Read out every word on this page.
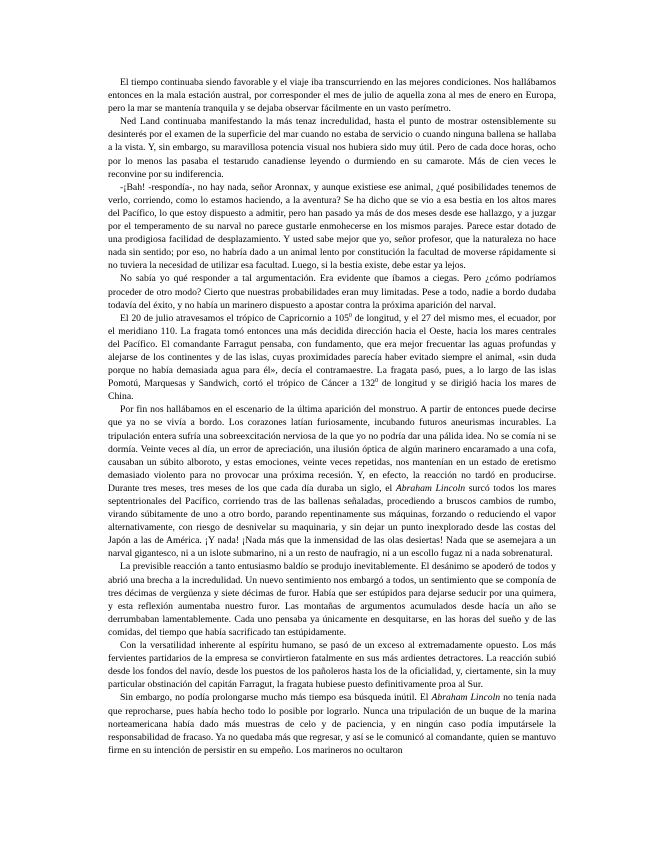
El tiempo continuaba siendo favorable y el viaje iba transcurriendo en las mejores condiciones. Nos hallábamos entonces en la mala estación austral, por corresponder el mes de julio de aquella zona al mes de enero en Europa, pero la mar se mantenía tranquila y se dejaba observar fácilmente en un vasto perímetro.

Ned Land continuaba manifestando la más tenaz incredulidad, hasta el punto de mostrar ostensiblemente su desinterés por el examen de la superficie del mar cuando no estaba de servicio o cuando ninguna ballena se hallaba a la vista. Y, sin embargo, su maravillosa potencia visual nos hubiera sido muy útil. Pero de cada doce horas, ocho por lo menos las pasaba el testarudo canadiense leyendo o durmiendo en su camarote. Más de cien veces le reconvine por su indiferencia.

-¡Bah! -respondía-, no hay nada, señor Aronnax, y aunque existiese ese animal, ¿qué posibilidades tenemos de verlo, corriendo, como lo estamos haciendo, a la aventura? Se ha dicho que se vio a esa bestia en los altos mares del Pacífico, lo que estoy dispuesto a admitir, pero han pasado ya más de dos meses desde ese hallazgo, y a juzgar por el temperamento de su narval no parece gustarle enmohecerse en los mismos parajes. Parece estar dotado de una prodigiosa facilidad de desplazamiento. Y usted sabe mejor que yo, señor profesor, que la naturaleza no hace nada sin sentido; por eso, no habría dado a un animal lento por constitución la facultad de moverse rápidamente si no tuviera la necesidad de utilizar esa facultad. Luego, si la bestia existe, debe estar ya lejos.

No sabía yo qué responder a tal argumentación. Era evidente que íbamos a ciegas. Pero ¿cómo podríamos proceder de otro modo? Cierto que nuestras probabilidades eran muy limitadas. Pese a todo, nadie a bordo dudaba todavía del éxito, y no había un marinero dispuesto a apostar contra la próxima aparición del narval.

El 20 de julio atravesamos el trópico de Capricornio a $105^0$ de longitud, y el 27 del mismo mes, el ecuador, por el meridiano 110. La fragata tomó entonces una más decidida dirección hacia el Oeste, hacia los mares centrales del Pacífico. El comandante Farragut pensaba, con fundamento, que era mejor frecuentar las aguas profundas y alejarse de los continentes y de las islas, cuyas proximidades parecía haber evitado siempre el animal, «sin duda porque no había demasiada agua para él», decía el contramaestre. La fragata pasó, pues, a lo largo de las islas Pomotú, Marquesas y Sandwich, cortó el trópico de Cáncer a $132^0$ de longitud y se dirigió hacia los mares de China.

Por fin nos hallábamos en el escenario de la última aparición del monstruo. A partir de entonces puede decirse que ya no se vivía a bordo. Los corazones latían furiosamente, incubando futuros aneurismas incurables. La tripulación entera sufría una sobreexcitación nerviosa de la que yo no podría dar una pálida idea. No se comía ni se dormía. Veinte veces al día, un error de apreciación, una ilusión óptica de algún marinero encaramado a una cofa, causaban un súbito alboroto, y estas emociones, veinte veces repetidas, nos mantenían en un estado de eretismo demasiado violento para no provocar una próxima recesión. Y, en efecto, la reacción no tardó en producirse. Durante tres meses, tres meses de los que cada día duraba un siglo, el Abraham Lincoln surcó todos los mares septentrionales del Pacífico, corriendo tras de las ballenas señaladas, procediendo a bruscos cambios de rumbo, virando súbitamente de uno a otro bordo, parando repentinamente sus máquinas, forzando o reduciendo el vapor alternativamente, con riesgo de desnivelar su maquinaria, y sin dejar un punto inexplorado desde las costas del Japón a las de América. ¡Y nada! ¡Nada más que la inmensidad de las olas desiertas! Nada que se asemejara a un narval gigantesco, ni a un islote submarino, ni a un resto de naufragio, ni a un escollo fugaz ni a nada sobrenatural.

La previsible reacción a tanto entusiasmo baldío se produjo inevitablemente. El desánimo se apoderó de todos y abrió una brecha a la incredulidad. Un nuevo sentimiento nos embargó a todos, un sentimiento que se componía de tres décimas de vergüenza y siete décimas de furor. Había que ser estúpidos para dejarse seducir por una quimera, y esta reflexión aumentaba nuestro furor. Las montañas de argumentos acumulados desde hacía un año se derrumbaban lamentablemente. Cada uno pensaba ya únicamente en desquitarse, en las horas del sueño y de las comidas, del tiempo que había sacrificado tan estúpidamente.

Con la versatilidad inherente al espíritu humano, se pasó de un exceso al extremadamente opuesto. Los más fervientes partidarios de la empresa se convirtieron fatalmente en sus más ardientes detractores. La reacción subió desde los fondos del navío, desde los puestos de los pañoleros hasta los de la oficialidad, y, ciertamente, sin la muy particular obstinación del capitán Farragut, la fragata hubiese puesto definitivamente proa al Sur.

Sin embargo, no podía prolongarse mucho más tiempo esa búsqueda inútil. El Abraham Lincoln no tenía nada que reprocharse, pues había hecho todo lo posible por lograrlo. Nunca una tripulación de un buque de la marina norteamericana había dado más muestras de celo y de paciencia, y en ningún caso podía imputársele la responsabilidad de fracaso. Ya no quedaba más que regresar, y así se le comunicó al comandante, quien se mantuvo firme en su intención de persistir en su empeño. Los marineros no ocultaron
